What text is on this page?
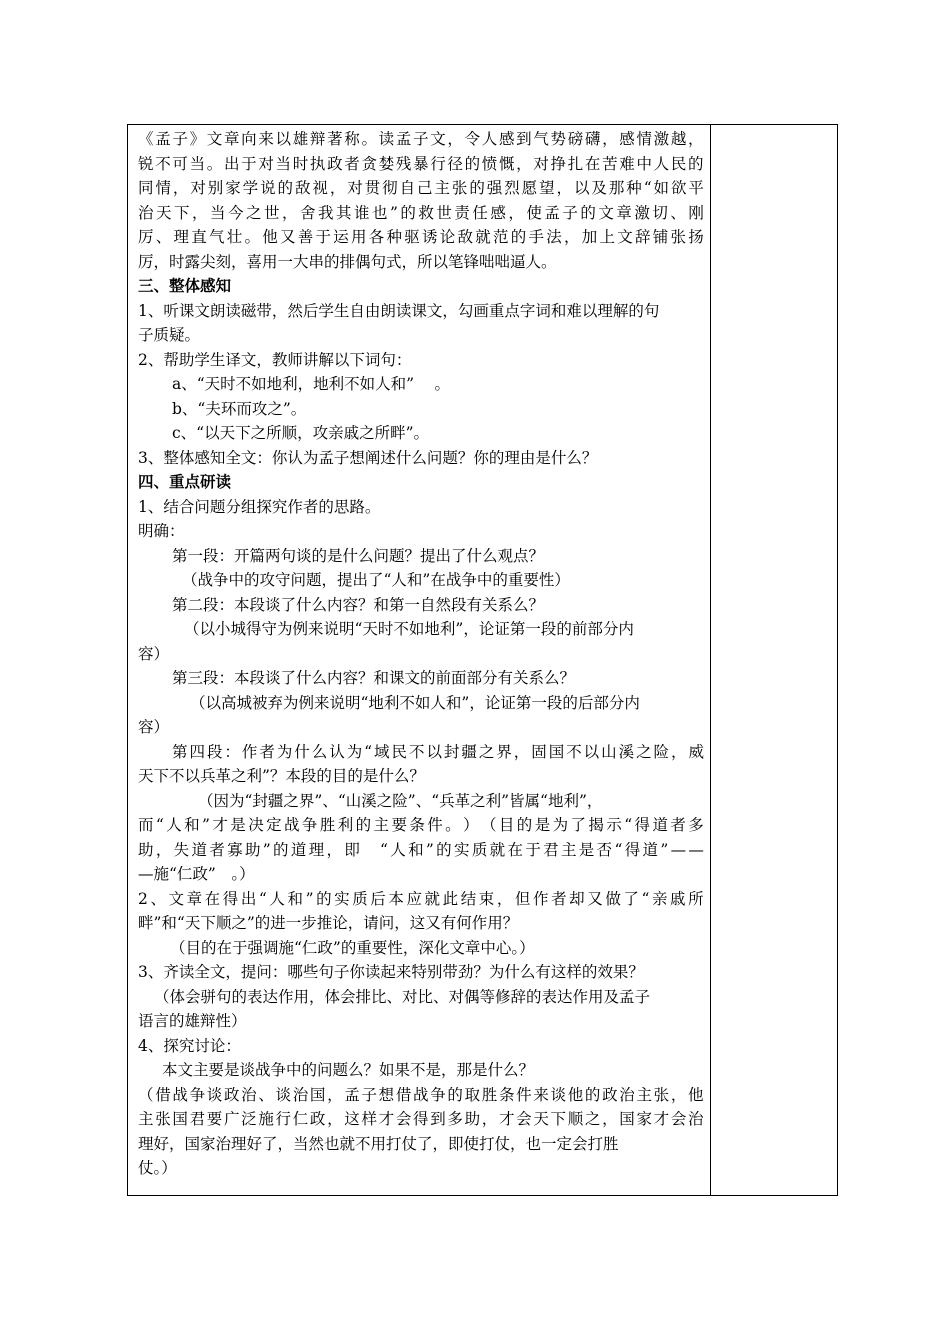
《 孟 子 》 文 章 向 来 以 雄 辩 著 称 。 读 孟 子 文 ， 令 人 感 到 气 势 磅 礴 ， 感 情 激 越 ，
锐 不 可 当 。 出 于 对 当 时 执 政 者 贪 婪 残 暴 行 径 的 愤 慨 ， 对 挣 扎 在 苦 难 中 人 民 的
同 情 ， 对 别 家 学 说 的 敌 视 ， 对 贯 彻 自 己 主 张 的 强 烈 愿 望 ， 以 及 那 种 “ 如 欲 平
治 天 下 ， 当 今 之 世 ， 舍 我 其 谁 也 ” 的 救 世 责 任 感 ， 使 孟 子 的 文 章 激 切 、 刚
厉 、 理 直 气 壮 。 他 又 善 于 运 用 各 种 驱 诱 论 敌 就 范 的 手 法 ， 加 上 文 辞 铺 张 扬
厉，时露尖刻，喜用一大串的排偶句式，所以笔锋咄咄逼人。
三、整体感知
1、听课文朗读磁带，然后学生自由朗读课文，勾画重点字词和难以理解的句
子质疑。
2、帮助学生译文，教师讲解以下词句：
a、“天时不如地利，地利不如人和”　 。
b、“夫环而攻之”。
c、“以天下之所顺，攻亲戚之所畔”。
3、整体感知全文：你认为孟子想阐述什么问题？你的理由是什么？
四、重点研读
1、结合问题分组探究作者的思路。
明确：
第一段：开篇两句谈的是什么问题？提出了什么观点？
（战争中的攻守问题，提出了“人和”在战争中的重要性）
第二段：本段谈了什么内容？和第一自然段有关系么？
（以小城得守为例来说明“天时不如地利”，论证第一段的前部分内
容）
第三段：本段谈了什么内容？和课文的前面部分有关系么？
（以高城被弃为例来说明“地利不如人和”，论证第一段的后部分内
容）
第 四 段 ： 作 者 为 什 么 认 为 “ 域 民 不 以 封 疆 之 界 ， 固 国 不 以 山 溪 之 险 ， 威
天下不以兵革之利”？本段的目的是什么？
（因为“封疆之界”、“山溪之险”、“兵革之利”皆属“地利”，
而 “ 人 和 ” 才 是 决 定 战 争 胜 利 的 主 要 条 件 。 ） （ 目 的 是 为 了 揭 示 “ 得 道 者 多
助 ， 失 道 者 寡 助 ” 的 道 理 ， 即
　 “ 人 和 ” 的 实 质 就 在 于 君 主 是 否 “ 得 道 ” — —
—施“仁政”　。）
2 、 文 章 在 得 出 “ 人 和 ” 的 实 质 后 本 应 就 此 结 束 ， 但 作 者 却 又 做 了 “ 亲 戚 所
畔”和“天下顺之”的进一步推论，请问，这又有何作用？
（目的在于强调施“仁政”的重要性，深化文章中心。）
3、齐读全文，提问：哪些句子你读起来特别带劲？为什么有这样的效果？
（体会骈句的表达作用，体会排比、对比、对偶等修辞的表达作用及孟子
语言的雄辩性）
4、探究讨论：
本文主要是谈战争中的问题么？如果不是，那是什么？
（ 借 战 争 谈 政 治 、 谈 治 国 ， 孟 子 想 借 战 争 的 取 胜 条 件 来 谈 他 的 政 治 主 张 ， 他
主 张 国 君 要 广 泛 施 行 仁 政 ， 这 样 才 会 得 到 多 助 ， 才 会 天 下 顺 之 ， 国 家 才 会 治
理好，国家治理好了，当然也就不用打仗了，即使打仗，也一定会打胜
仗。）
